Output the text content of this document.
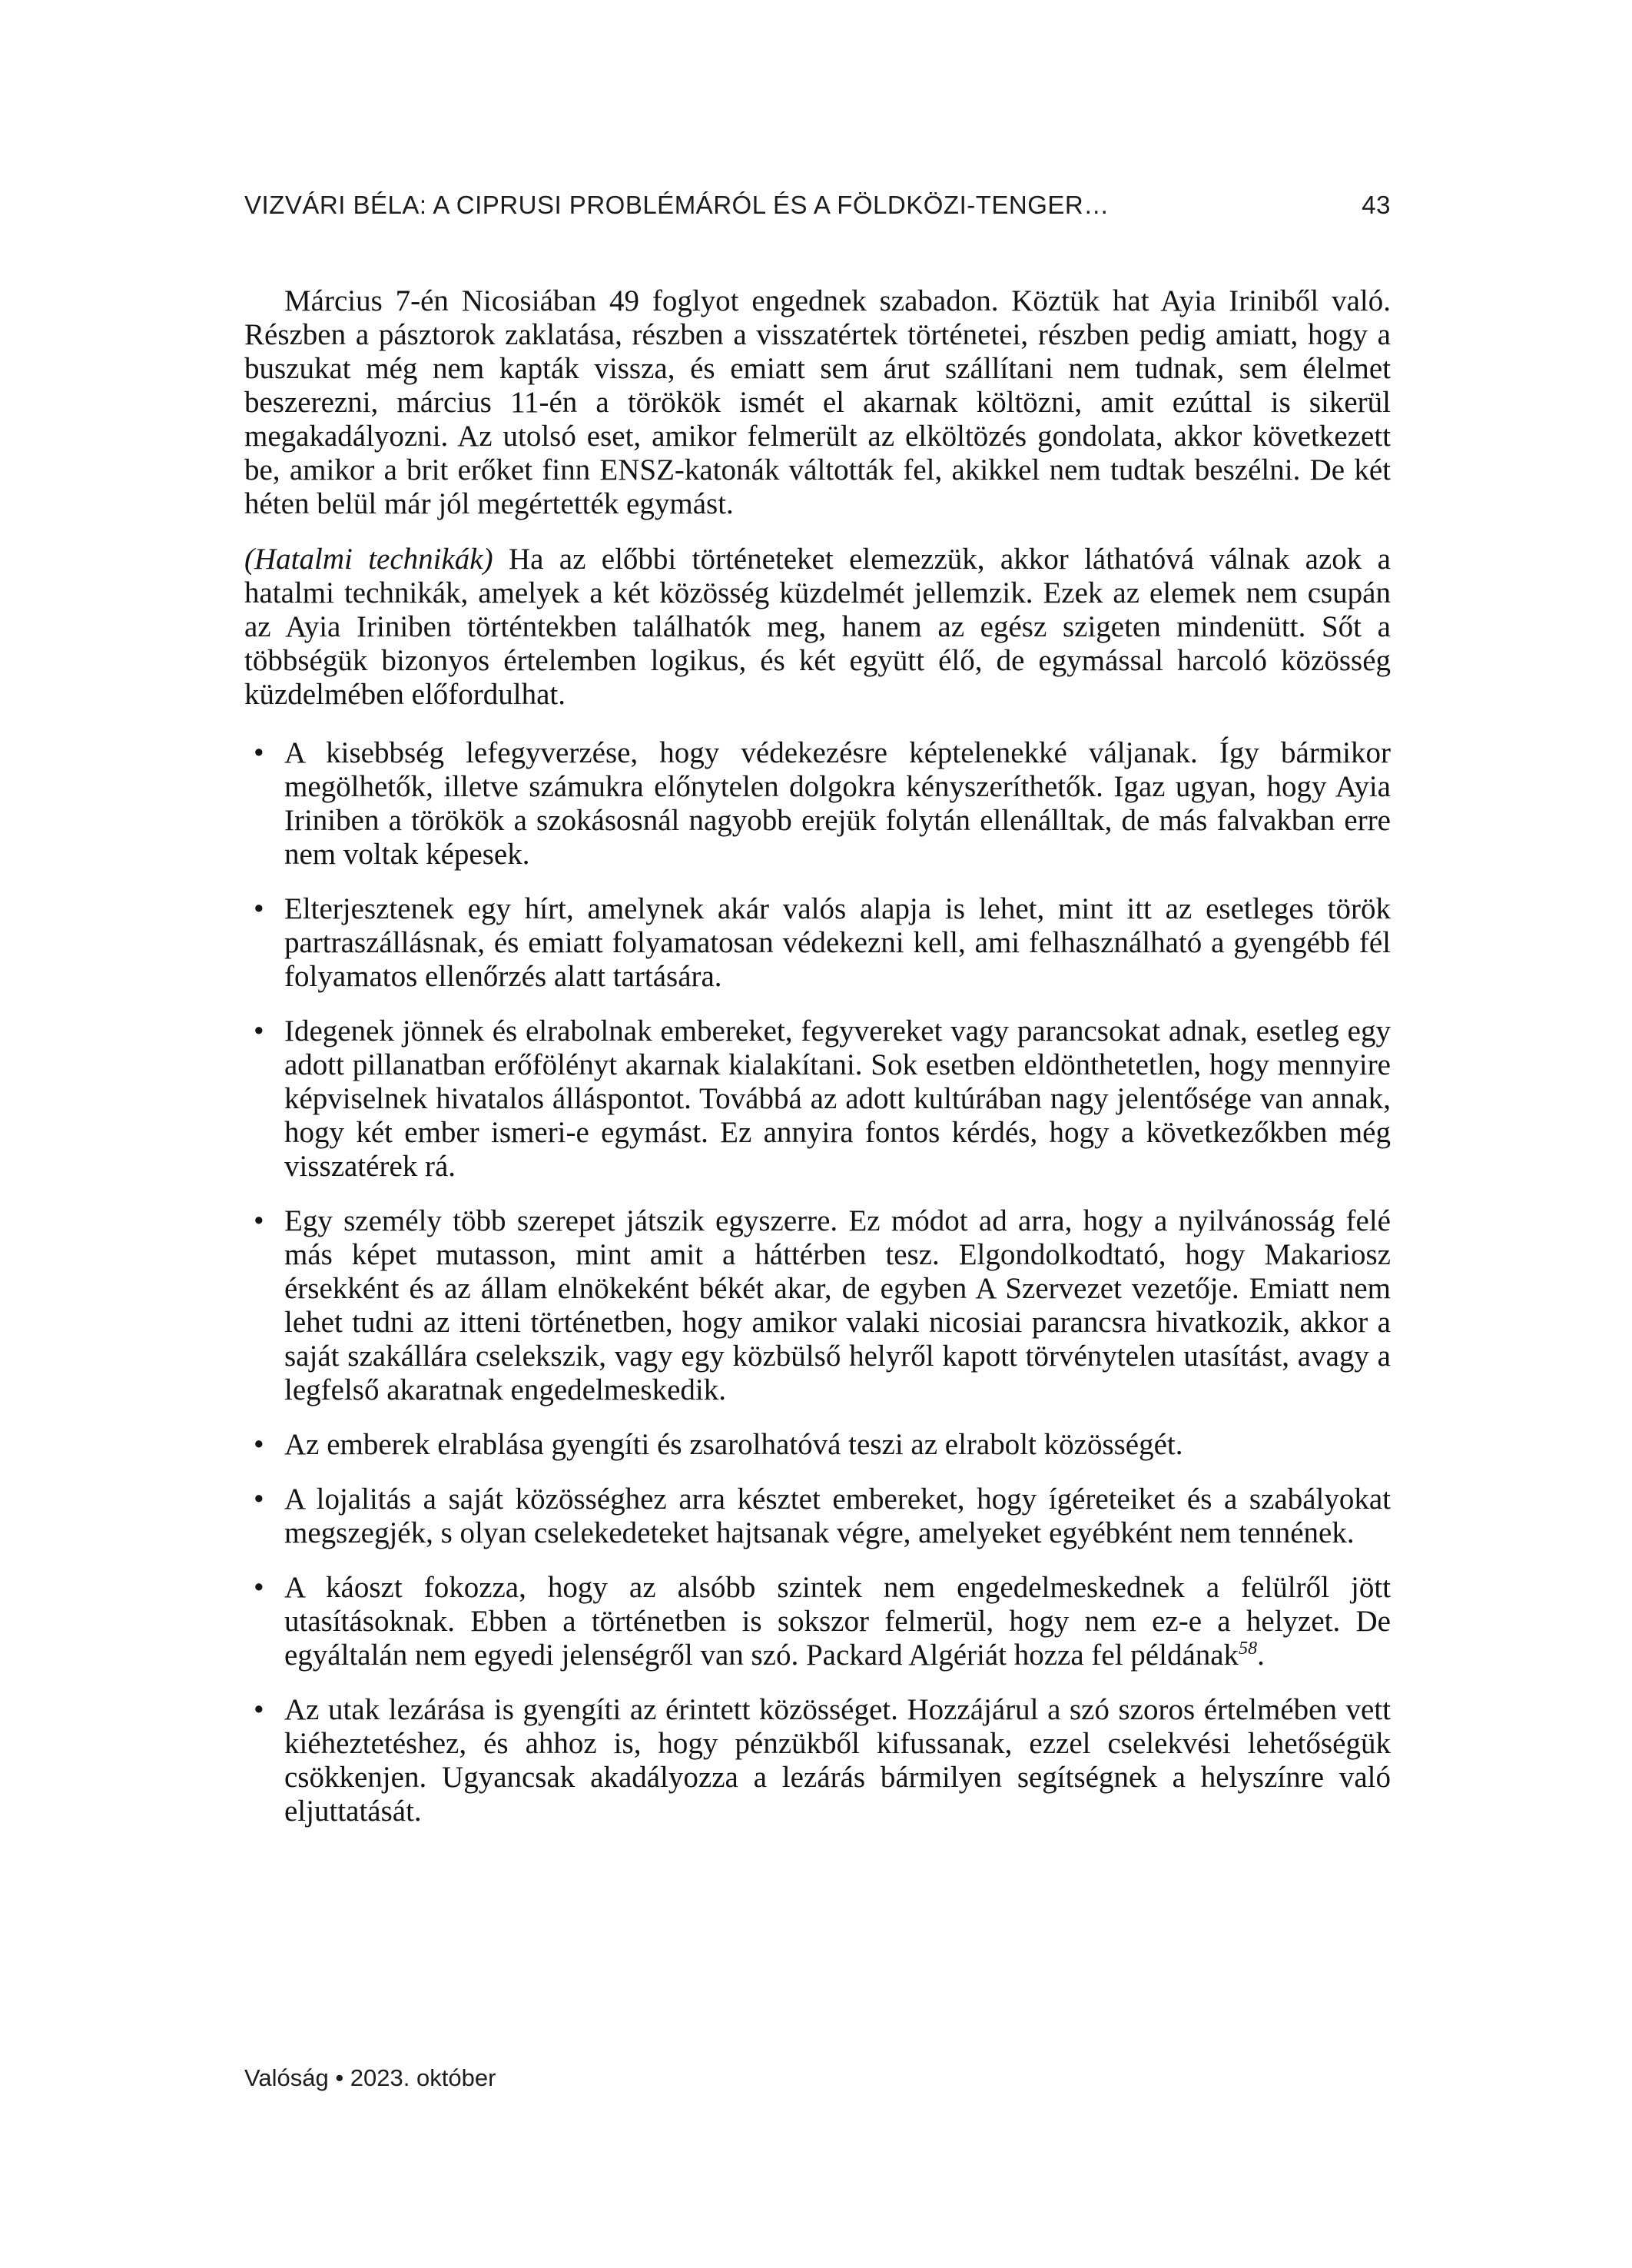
VIZVÁRI BÉLA: A CIPRUSI PROBLÉMÁRÓL ÉS A FÖLDKÖZI-TENGER…	43

Március 7-én Nicosiában 49 foglyot engednek szabadon. Köztük hat Ayia Iriniből való. Részben a pásztorok zaklatása, részben a visszatértek történetei, részben pedig amiatt, hogy a buszukat még nem kapták vissza, és emiatt sem árut szállítani nem tudnak, sem élelmet beszerezni, március 11-én a törökök ismét el akarnak költözni, amit ezúttal is sikerül megakadályozni. Az utolsó eset, amikor felmerült az elköltözés gondolata, akkor következett be, amikor a brit erőket finn ENSZ-katonák váltották fel, akikkel nem tudtak beszélni. De két héten belül már jól megértették egymást.

(Hatalmi technikák) Ha az előbbi történeteket elemezzük, akkor láthatóvá válnak azok a hatalmi technikák, amelyek a két közösség küzdelmét jellemzik. Ezek az elemek nem csupán az Ayia Iriniben történtekben találhatók meg, hanem az egész szigeten mindenütt. Sőt a többségük bizonyos értelemben logikus, és két együtt élő, de egymással harcoló közösség küzdelmében előfordulhat.

• A kisebbség lefegyverzése, hogy védekezésre képtelenekké váljanak. Így bármikor megölhetők, illetve számukra előnytelen dolgokra kényszeríthetők. Igaz ugyan, hogy Ayia Iriniben a törökök a szokásosnál nagyobb erejük folytán ellenálltak, de más falvakban erre nem voltak képesek.
• Elterjesztenek egy hírt, amelynek akár valós alapja is lehet, mint itt az esetleges török partraszállásnak, és emiatt folyamatosan védekezni kell, ami felhasználható a gyengébb fél folyamatos ellenőrzés alatt tartására.
• Idegenek jönnek és elrabolnak embereket, fegyvereket vagy parancsokat adnak, esetleg egy adott pillanatban erőfölényt akarnak kialakítani. Sok esetben eldönthetetlen, hogy mennyire képviselnek hivatalos álláspontot. Továbbá az adott kultúrában nagy jelentősége van annak, hogy két ember ismeri-e egymást. Ez annyira fontos kérdés, hogy a következőkben még visszatérek rá.
• Egy személy több szerepet játszik egyszerre. Ez módot ad arra, hogy a nyilvánosság felé más képet mutasson, mint amit a háttérben tesz. Elgondolkodtató, hogy Makariosz érsekként és az állam elnökeként békét akar, de egyben A Szervezet vezetője. Emiatt nem lehet tudni az itteni történetben, hogy amikor valaki nicosiai parancsra hivatkozik, akkor a saját szakállára cselekszik, vagy egy közbülső helyről kapott törvénytelen utasítást, avagy a legfelső akaratnak engedelmeskedik.
• Az emberek elrablása gyengíti és zsarolhatóvá teszi az elrabolt közösségét.
• A lojalitás a saját közösséghez arra késztet embereket, hogy ígéreteiket és a szabályokat megszegjék, s olyan cselekedeteket hajtsanak végre, amelyeket egyébként nem tennének.
• A káoszt fokozza, hogy az alsóbb szintek nem engedelmeskednek a felülről jött utasításoknak. Ebben a történetben is sokszor felmerül, hogy nem ez-e a helyzet. De egyáltalán nem egyedi jelenségről van szó. Packard Algériát hozza fel példának$^{58}$.
• Az utak lezárása is gyengíti az érintett közösséget. Hozzájárul a szó szoros értelmében vett kiéheztetéshez, és ahhoz is, hogy pénzükből kifussanak, ezzel cselekvési lehetőségük csökkenjen. Ugyancsak akadályozza a lezárás bármilyen segítségnek a helyszínre való eljuttatását.
Valóság • 2023. október
